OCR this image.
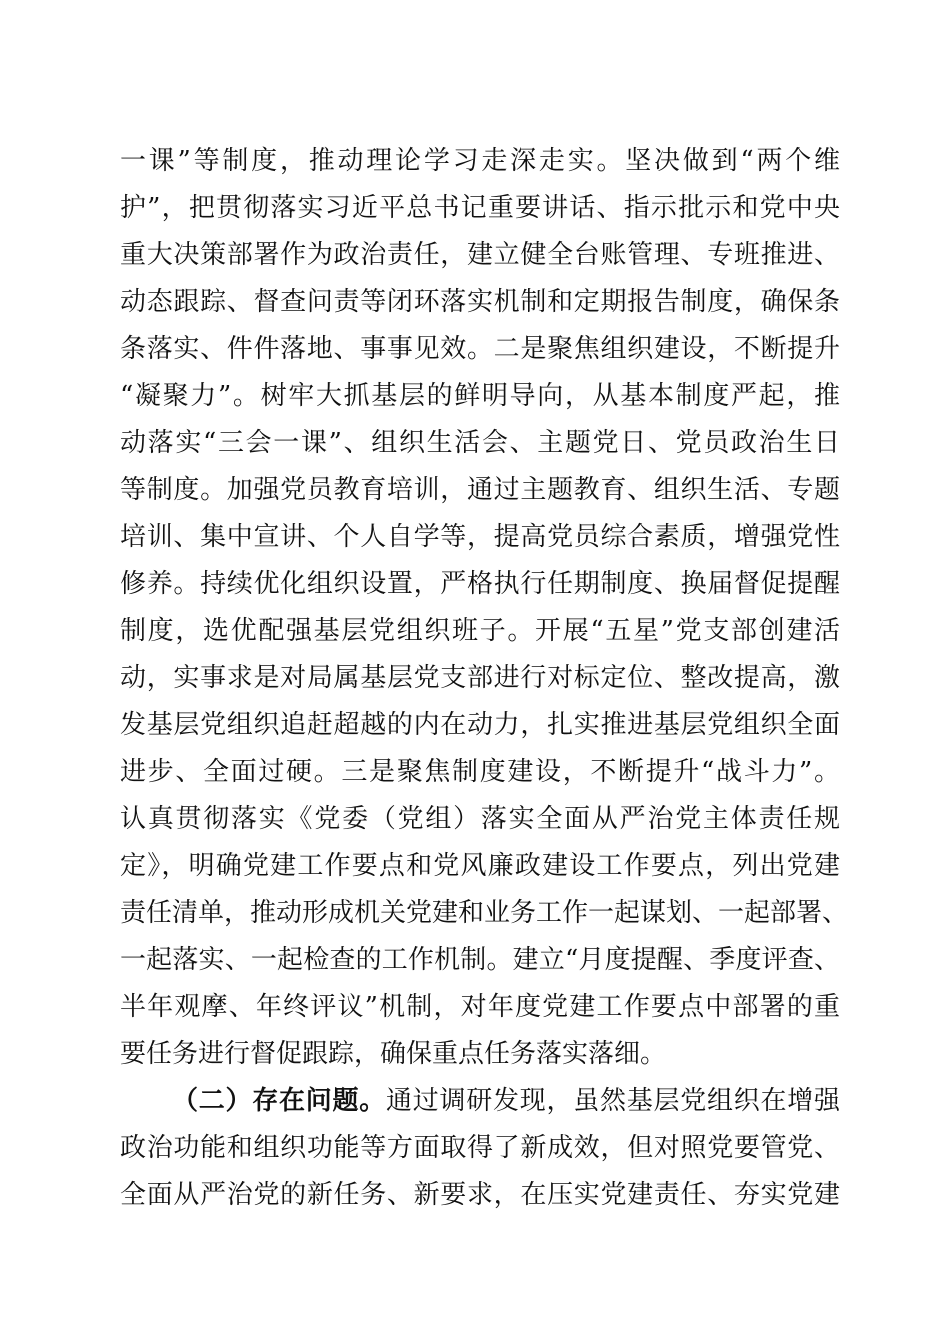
一课”等制度，推动理论学习走深走实。坚决做到“两个维
护”，把贯彻落实习近平总书记重要讲话、指示批示和党中央
重大决策部署作为政治责任，建立健全台账管理、专班推进、
动态跟踪、督查问责等闭环落实机制和定期报告制度，确保条
条落实、件件落地、事事见效。二是聚焦组织建设，不断提升
“凝聚力”。树牢大抓基层的鲜明导向，从基本制度严起，推
动落实“三会一课”、组织生活会、主题党日、党员政治生日
等制度。加强党员教育培训，通过主题教育、组织生活、专题
培训、集中宣讲、个人自学等，提高党员综合素质，增强党性
修养。持续优化组织设置，严格执行任期制度、换届督促提醒
制度，选优配强基层党组织班子。开展“五星”党支部创建活
动，实事求是对局属基层党支部进行对标定位、整改提高，激
发基层党组织追赶超越的内在动力，扎实推进基层党组织全面
进步、全面过硬。三是聚焦制度建设，不断提升“战斗力”。
认真贯彻落实《党委（党组）落实全面从严治党主体责任规
定》，明确党建工作要点和党风廉政建设工作要点，列出党建
责任清单，推动形成机关党建和业务工作一起谋划、一起部署、
一起落实、一起检查的工作机制。建立“月度提醒、季度评查、
半年观摩、年终评议”机制，对年度党建工作要点中部署的重
要任务进行督促跟踪，确保重点任务落实落细。
（二）存在问题。通过调研发现，虽然基层党组织在增强
政治功能和组织功能等方面取得了新成效，但对照党要管党、
全面从严治党的新任务、新要求，在压实党建责任、夯实党建
